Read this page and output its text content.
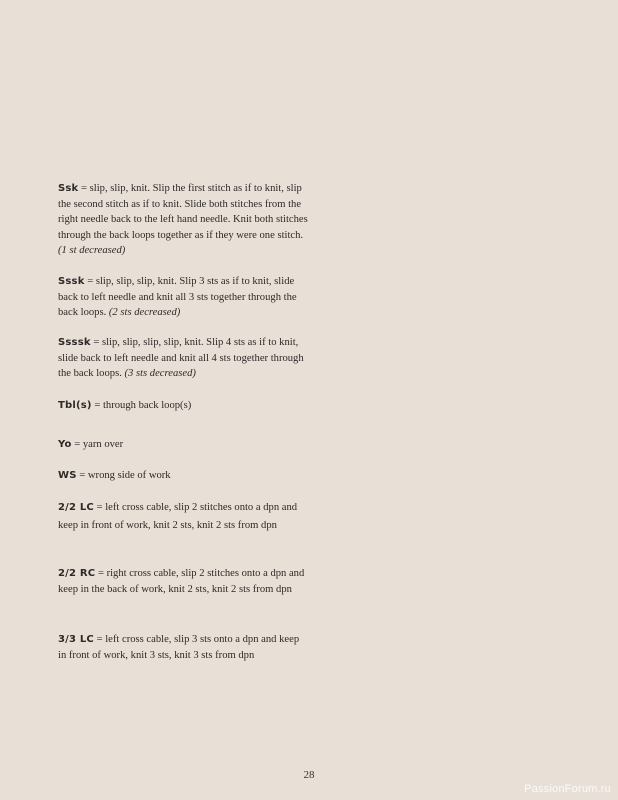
Ssk = slip, slip, knit. Slip the first stitch as if to knit, slip the second stitch as if to knit. Slide both stitches from the right needle back to the left hand needle. Knit both stitches through the back loops together as if they were one stitch. (1 st decreased)

Sssk = slip, slip, slip, knit. Slip 3 sts as if to knit, slide back to left needle and knit all 3 sts together through the back loops. (2 sts decreased)

Ssssk = slip, slip, slip, slip, knit. Slip 4 sts as if to knit, slide back to left needle and knit all 4 sts together through the back loops. (3 sts decreased)

Tbl(s) = through back loop(s)

Yo = yarn over

WS = wrong side of work

2/2 LC = left cross cable, slip 2 stitches onto a dpn and keep in front of work, knit 2 sts, knit 2 sts from dpn

2/2 RC = right cross cable, slip 2 stitches onto a dpn and keep in the back of work, knit 2 sts, knit 2 sts from dpn

3/3 LC = left cross cable, slip 3 sts onto a dpn and keep in front of work, knit 3 sts, knit 3 sts from dpn

28
PassionForum.ru
